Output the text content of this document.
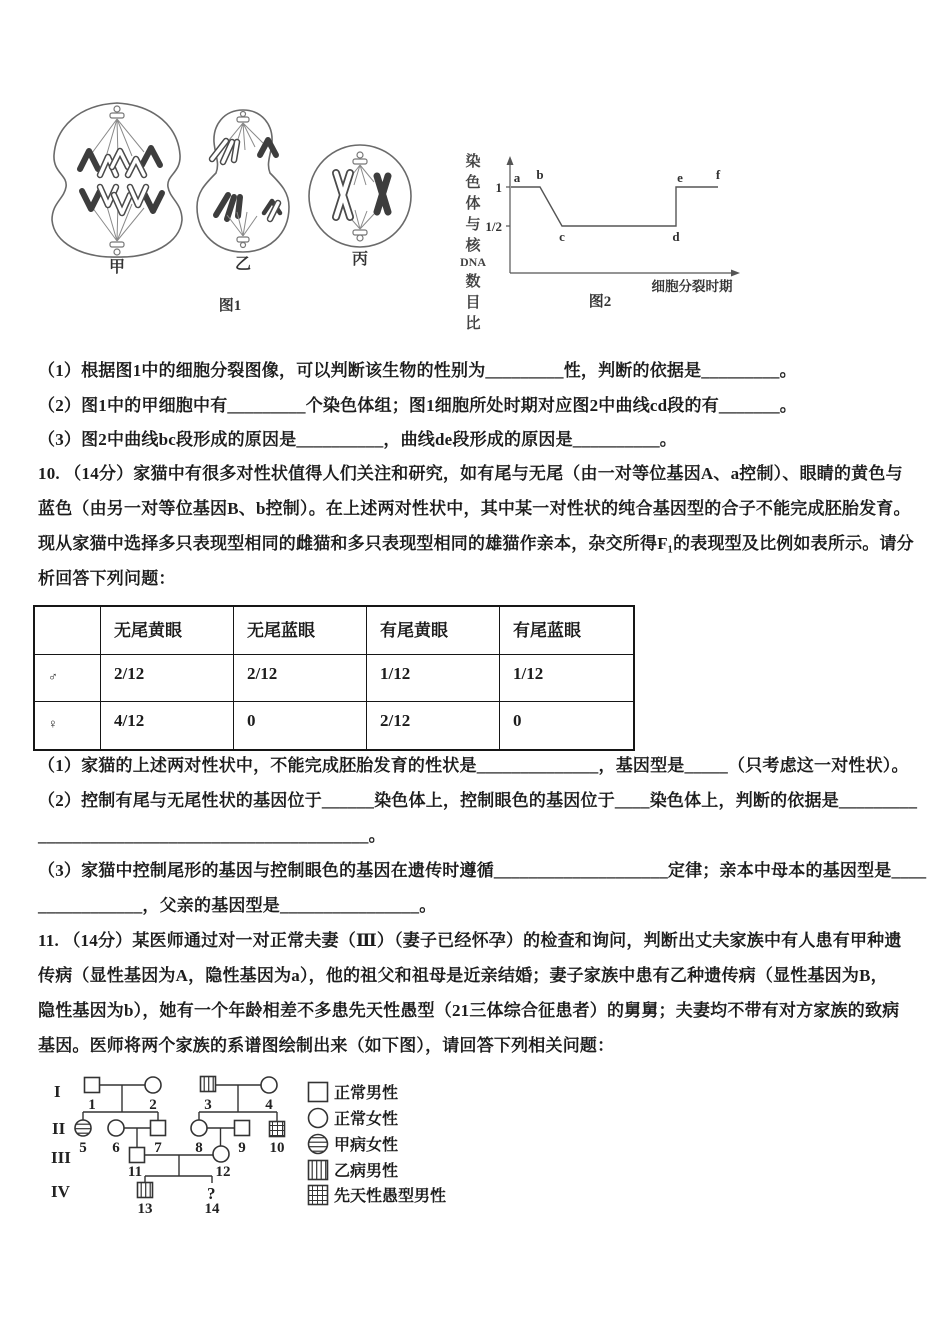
甲	乙	丙
图1
染
色
体
与
核
DNA
数
目
比
1
1/2
a b
c	d
e	f
细胞分裂时期
图2
（1）根据图1中的细胞分裂图像，可以判断该生物的性别为_________性，判断的依据是_________。
（2）图1中的甲细胞中有_________个染色体组；图1细胞所处时期对应图2中曲线cd段的有_______。
（3）图2中曲线bc段形成的原因是__________，曲线de段形成的原因是__________。
10. （14分）家猫中有很多对性状值得人们关注和研究，如有尾与无尾（由一对等位基因A、a控制）、眼睛的黄色与
蓝色（由另一对等位基因B、b控制）。在上述两对性状中，其中某一对性状的纯合基因型的合子不能完成胚胎发育。
现从家猫中选择多只表现型相同的雌猫和多只表现型相同的雄猫作亲本，杂交所得F₁的表现型及比例如表所示。请分
析回答下列问题：
无尾黄眼	无尾蓝眼	有尾黄眼	有尾蓝眼
♂	2/12	2/12	1/12	1/12
♀	4/12	0	2/12	0
（1）家猫的上述两对性状中，不能完成胚胎发育的性状是______________，基因型是_____（只考虑这一对性状）。
（2）控制有尾与无尾性状的基因位于______染色体上，控制眼色的基因位于____染色体上，判断的依据是_________
______________________________________。
（3）家猫中控制尾形的基因与控制眼色的基因在遗传时遵循____________________定律；亲本中母本的基因型是____
____________，父亲的基因型是________________。
11. （14分）某医师通过对一对正常夫妻（Ⅲ）（妻子已经怀孕）的检查和询问，判断出丈夫家族中有人患有甲种遗
传病（显性基因为A，隐性基因为a），他的祖父和祖母是近亲结婚；妻子家族中患有乙种遗传病（显性基因为B，
隐性基因为b），她有一个年龄相差不多患先天性愚型（21三体综合征患者）的舅舅；夫妻均不带有对方家族的致病
基因。医师将两个家族的系谱图绘制出来（如下图），请回答下列相关问题：
I
II
III
IV
1	2	3	4
5 6 7 8 9 10
11	12
?
13	14
正常男性
正常女性
甲病女性
乙病男性
先天性愚型男性
